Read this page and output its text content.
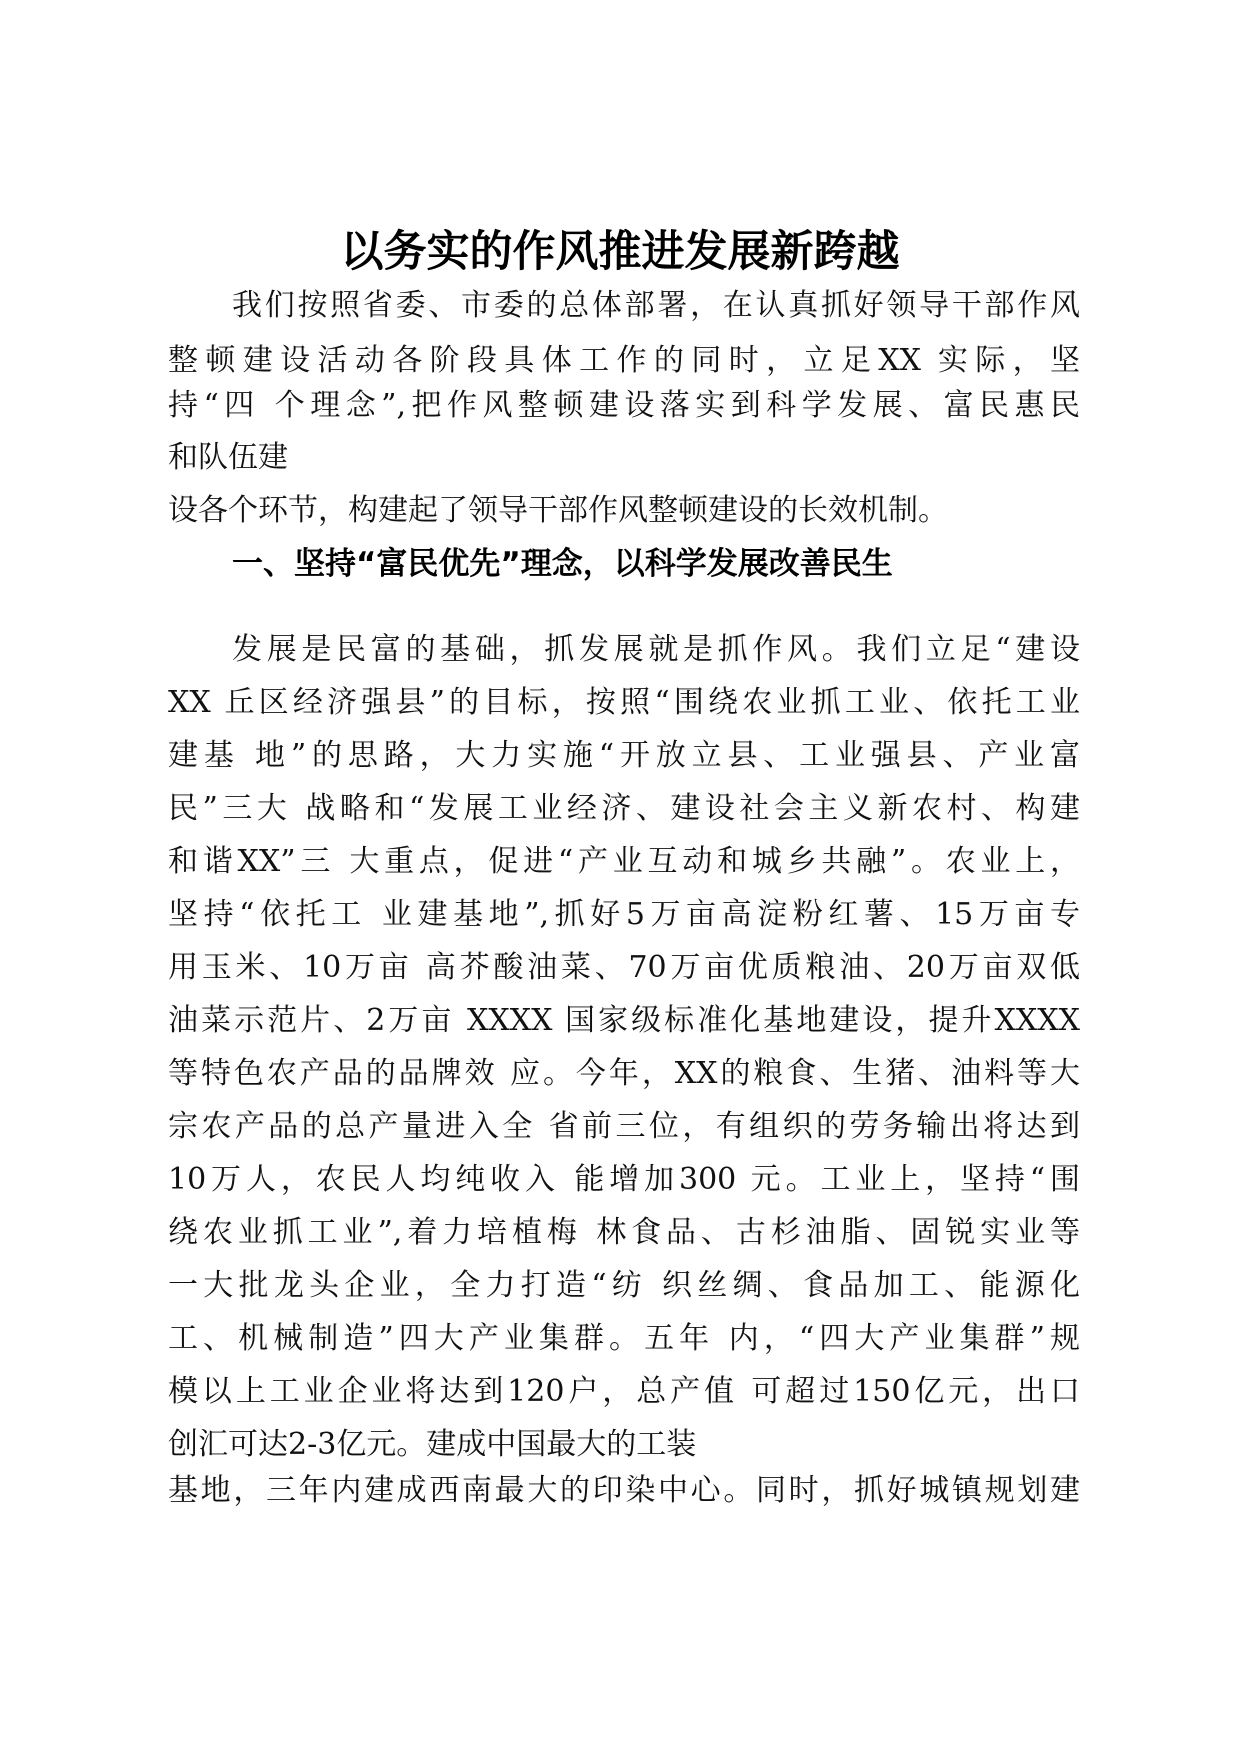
以务实的作风推进发展新跨越
我们按照省委、市委的总体部署，在认真抓好领导干部作风
整顿建设活动各阶段具体工作的同时，立足XX 实际，坚
持“四 个理念”,把作风整顿建设落实到科学发展、富民惠民
和队伍建
设各个环节，构建起了领导干部作风整顿建设的长效机制。
一、坚持“富民优先”理念，以科学发展改善民生
发展是民富的基础，抓发展就是抓作风。我们立足“建设
XX 丘区经济强县”的目标，按照“围绕农业抓工业、依托工业
建基 地”的思路，大力实施“开放立县、工业强县、产业富
民”三大 战略和“发展工业经济、建设社会主义新农村、构建
和谐XX”三 大重点，促进“产业互动和城乡共融”。农业上，
坚持“依托工 业建基地”,抓好5万亩高淀粉红薯、15万亩专
用玉米、10万亩 高芥酸油菜、70万亩优质粮油、20万亩双低
油菜示范片、2万亩 XXXX 国家级标准化基地建设，提升XXXX
等特色农产品的品牌效 应。今年，XX的粮食、生猪、油料等大
宗农产品的总产量进入全 省前三位，有组织的劳务输出将达到
10万人，农民人均纯收入 能增加300 元。工业上，坚持“围
绕农业抓工业”,着力培植梅 林食品、古杉油脂、固锐实业等
一大批龙头企业，全力打造“纺 织丝绸、食品加工、能源化
工、机械制造”四大产业集群。五年 内，“四大产业集群”规
模以上工业企业将达到120户，总产值 可超过150亿元，出口
创汇可达2-3亿元。建成中国最大的工装
基地，三年内建成西南最大的印染中心。同时，抓好城镇规划建
